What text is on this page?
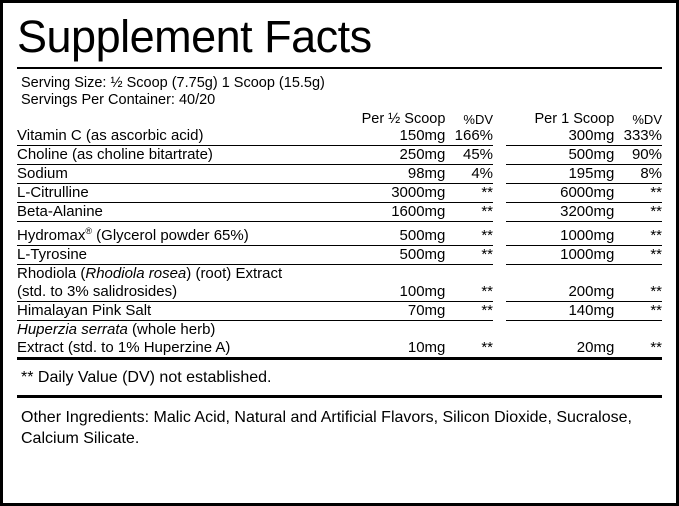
Supplement Facts
Serving Size: ½ Scoop (7.75g) 1 Scoop (15.5g)
Servings Per Container: 40/20
	Per ½ Scoop	%DV		Per 1 Scoop	%DV
Vitamin C (as ascorbic acid)	150mg	166%		300mg	333%
Choline (as choline bitartrate)	250mg	45%		500mg	90%
Sodium	98mg	4%		195mg	8%
L-Citrulline	3000mg	**		6000mg	**
Beta-Alanine	1600mg	**		3200mg	**
Hydromax® (Glycerol powder 65%)	500mg	**		1000mg	**
L-Tyrosine	500mg	**		1000mg	**
Rhodiola (Rhodiola rosea) (root) Extract
(std. to 3% salidrosides)	100mg	**		200mg	**
Himalayan Pink Salt	70mg	**		140mg	**
Huperzia serrata (whole herb)
Extract (std. to 1% Huperzine A)	10mg	**		20mg	**
** Daily Value (DV) not established.
Other Ingredients: Malic Acid, Natural and Artificial Flavors, Silicon Dioxide, Sucralose, Calcium Silicate.
